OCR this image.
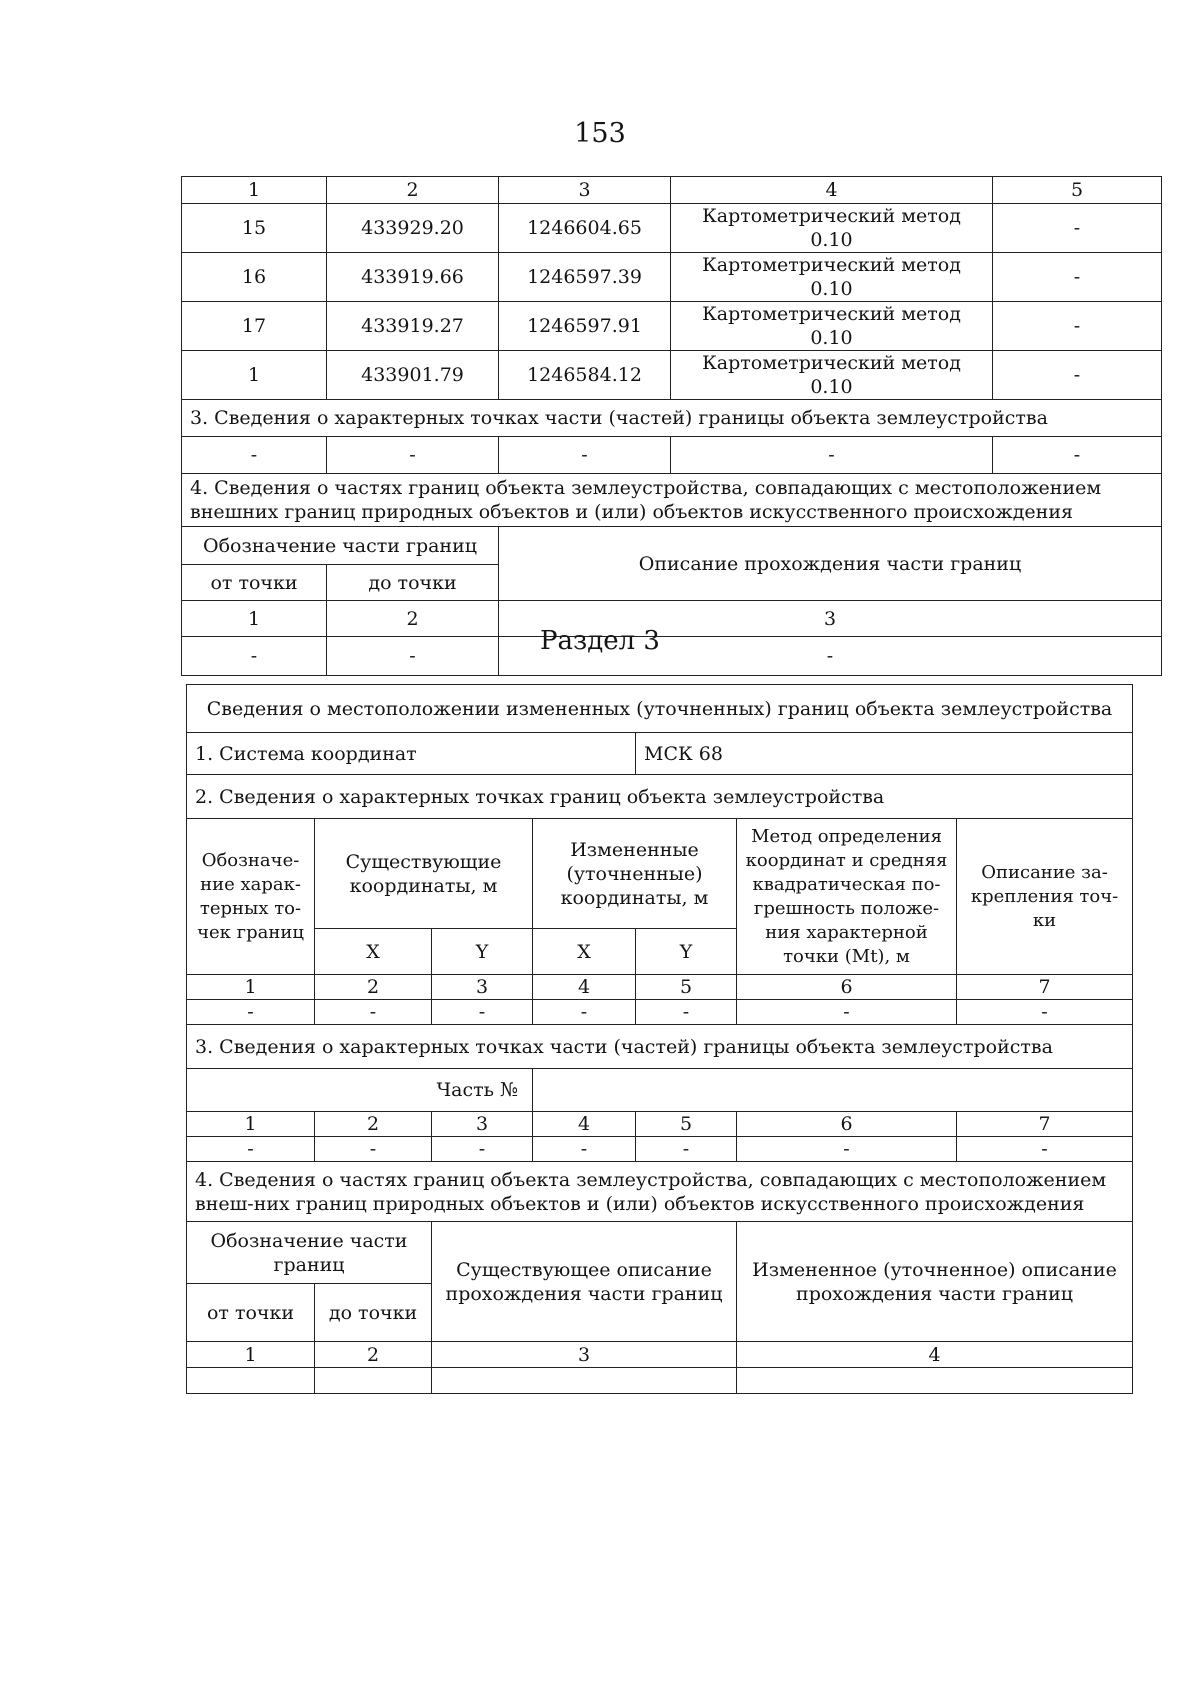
153
1	2	3	4	5
15	433929.20	1246604.65	Картометрический метод 0.10	-
16	433919.66	1246597.39	Картометрический метод 0.10	-
17	433919.27	1246597.91	Картометрический метод 0.10	-
1	433901.79	1246584.12	Картометрический метод 0.10	-
3. Сведения о характерных точках части (частей) границы объекта землеустройства				
-	-	-	-	-
4. Сведения о частях границ объекта землеустройства, совпадающих с местоположением внешних границ природных объектов и (или) объектов искусственного происхождения				
Обозначение части границ		Описание прохождения части границ		
от точки	до точки			
1	2	3		
-	-	-		
Раздел 3
Сведения о местоположении измененных (уточненных) границ объекта землеустройства						
1. Система координат				МСК 68		
2. Сведения о характерных точках границ объекта землеустройства						
Обозначе-ние харак-терных то-чек границ	Существующие координаты, м		Измененные (уточненные) координаты, м		Метод определения координат и средняя квадратическая по-грешность положе-ния характерной точки (Mt), м	Описание за-крепления точ-ки
	X	Y	X	Y		
1	2	3	4	5	6	7
-	-	-	-	-	-	-
3. Сведения о характерных точках части (частей) границы объекта землеустройства						
Часть №						
1	2	3	4	5	6	7
-	-	-	-	-	-	-
4. Сведения о частях границ объекта землеустройства, совпадающих с местоположением внеш-них границ природных объектов и (или) объектов искусственного происхождения						
Обозначение части границ		Существующее описание прохождения части границ			Измененное (уточненное) описание прохождения части границ	
от точки	до точки					
1	2	3			4	
